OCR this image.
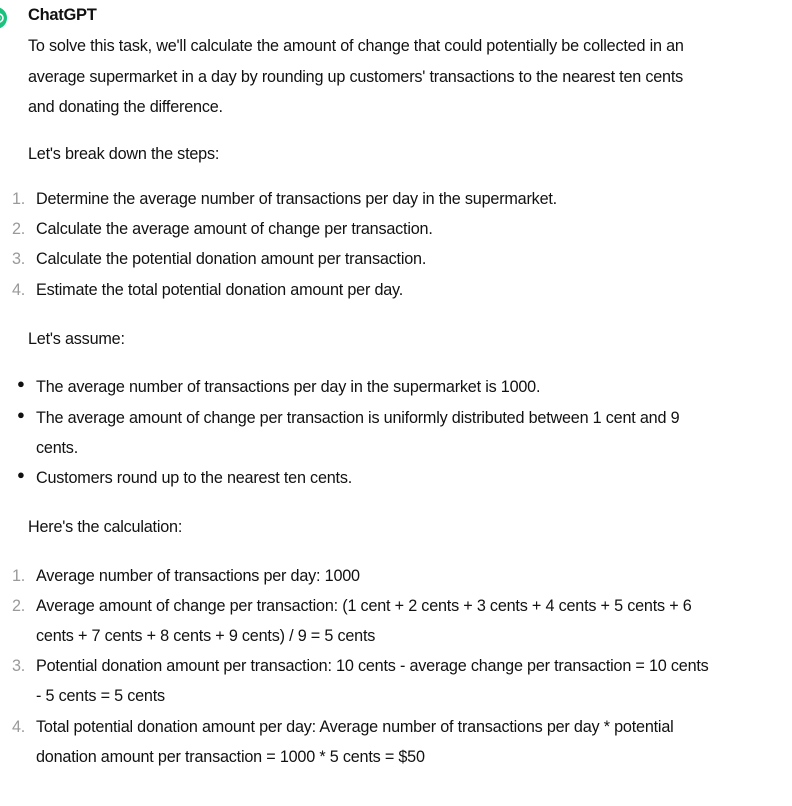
ChatGPT

To solve this task, we'll calculate the amount of change that could potentially be collected in an
average supermarket in a day by rounding up customers' transactions to the nearest ten cents
and donating the difference.

Let's break down the steps:

1. Determine the average number of transactions per day in the supermarket.
2. Calculate the average amount of change per transaction.
3. Calculate the potential donation amount per transaction.
4. Estimate the total potential donation amount per day.

Let's assume:

● The average number of transactions per day in the supermarket is 1000.
● The average amount of change per transaction is uniformly distributed between 1 cent and 9
cents.
● Customers round up to the nearest ten cents.

Here's the calculation:

1. Average number of transactions per day: 1000
2. Average amount of change per transaction: (1 cent + 2 cents + 3 cents + 4 cents + 5 cents + 6
cents + 7 cents + 8 cents + 9 cents) / 9 = 5 cents
3. Potential donation amount per transaction: 10 cents - average change per transaction = 10 cents
- 5 cents = 5 cents
4. Total potential donation amount per day: Average number of transactions per day * potential
donation amount per transaction = 1000 * 5 cents = $50
